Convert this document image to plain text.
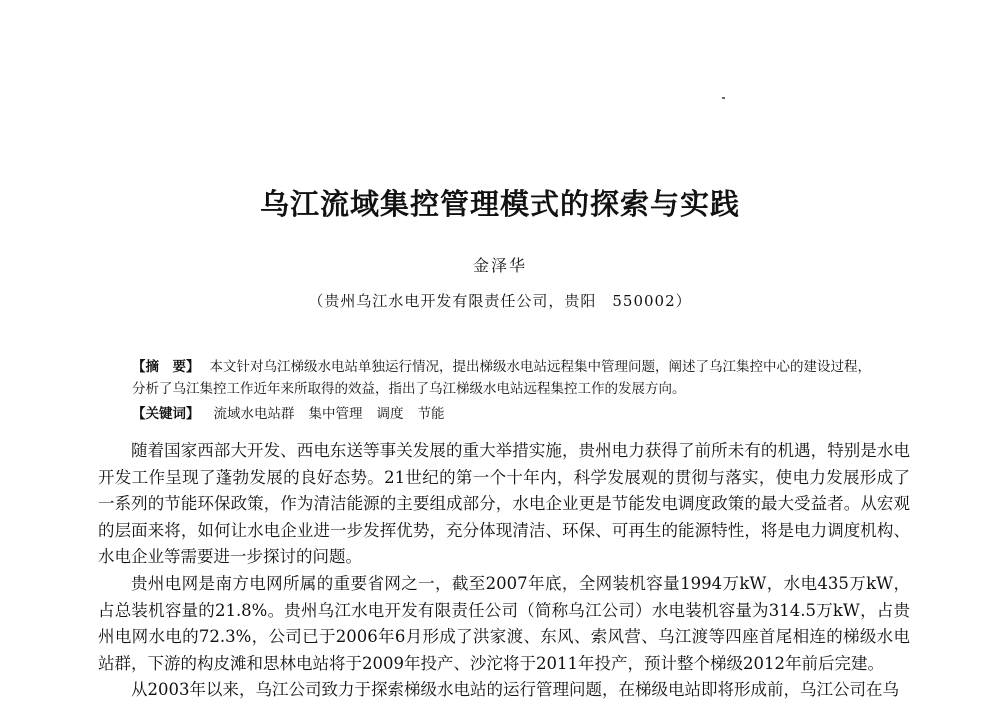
乌江流域集控管理模式的探索与实践
金泽华
（贵州乌江水电开发有限责任公司，贵阳　550002）
【摘　要】 本文针对乌江梯级水电站单独运行情况，提出梯级水电站远程集中管理问题，阐述了乌江集控中心的建设过程，分析了乌江集控工作近年来所取得的效益，指出了乌江梯级水电站远程集控工作的发展方向。
【关键词】 流域水电站群 集中管理 调度 节能

随着国家西部大开发、西电东送等事关发展的重大举措实施，贵州电力获得了前所未有的机遇，特别是水电开发工作呈现了蓬勃发展的良好态势。21世纪的第一个十年内，科学发展观的贯彻与落实，使电力发展形成了一系列的节能环保政策，作为清洁能源的主要组成部分，水电企业更是节能发电调度政策的最大受益者。从宏观的层面来将，如何让水电企业进一步发挥优势，充分体现清洁、环保、可再生的能源特性，将是电力调度机构、水电企业等需要进一步探讨的问题。

贵州电网是南方电网所属的重要省网之一，截至2007年底，全网装机容量1994万kW，水电435万kW，占总装机容量的21.8%。贵州乌江水电开发有限责任公司（简称乌江公司）水电装机容量为314.5万kW，占贵州电网水电的72.3%，公司已于2006年6月形成了洪家渡、东风、索风营、乌江渡等四座首尾相连的梯级水电站群，下游的构皮滩和思林电站将于2009年投产、沙沱将于2011年投产，预计整个梯级2012年前后完建。

从2003年以来，乌江公司致力于探索梯级水电站的运行管理问题，在梯级电站即将形成前，乌江公司在乌
